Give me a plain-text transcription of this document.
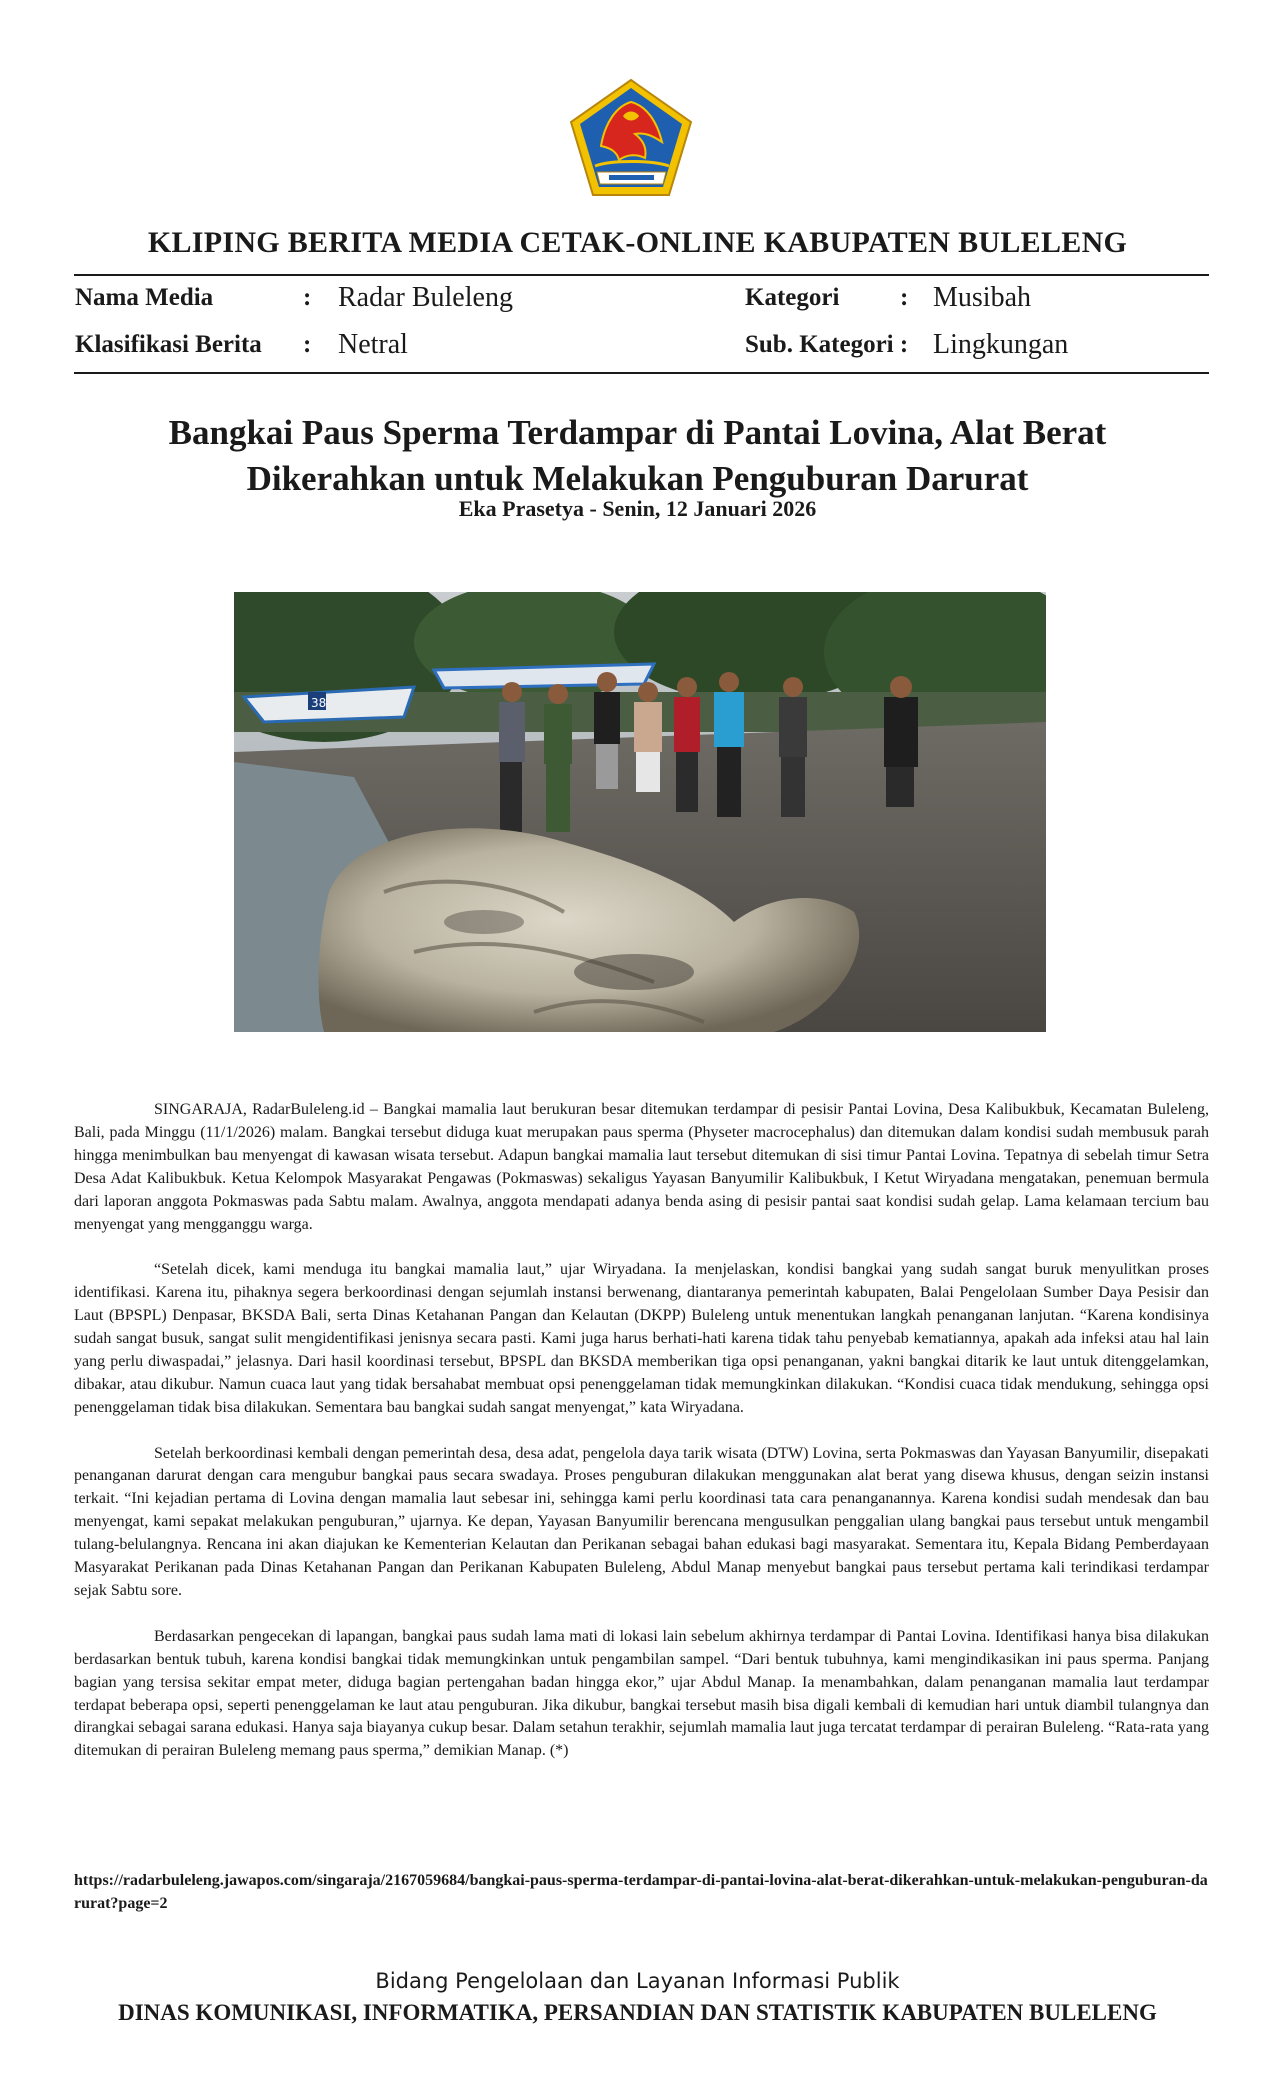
KLIPING BERITA MEDIA CETAK-ONLINE KABUPATEN BULELENG
Nama Media	: Radar Buleleng
Klasifikasi Berita : Netral
Kategori : Musibah
Sub. Kategori : Lingkungan
Bangkai Paus Sperma Terdampar di Pantai Lovina, Alat Berat
Dikerahkan untuk Melakukan Penguburan Darurat
Eka Prasetya - Senin, 12 Januari 2026
38

SINGARAJA, RadarBuleleng.id – Bangkai mamalia laut berukuran besar ditemukan terdampar di pesisir Pantai Lovina, Desa Kalibukbuk, Kecamatan Buleleng, Bali, pada Minggu (11/1/2026) malam. Bangkai tersebut diduga kuat merupakan paus sperma (Physeter macrocephalus) dan ditemukan dalam kondisi sudah membusuk parah hingga menimbulkan bau menyengat di kawasan wisata tersebut. Adapun bangkai mamalia laut tersebut ditemukan di sisi timur Pantai Lovina. Tepatnya di sebelah timur Setra Desa Adat Kalibukbuk. Ketua Kelompok Masyarakat Pengawas (Pokmaswas) sekaligus Yayasan Banyumilir Kalibukbuk, I Ketut Wiryadana mengatakan, penemuan bermula dari laporan anggota Pokmaswas pada Sabtu malam. Awalnya, anggota mendapati adanya benda asing di pesisir pantai saat kondisi sudah gelap. Lama kelamaan tercium bau menyengat yang mengganggu warga.

“Setelah dicek, kami menduga itu bangkai mamalia laut,” ujar Wiryadana. Ia menjelaskan, kondisi bangkai yang sudah sangat buruk menyulitkan proses identifikasi. Karena itu, pihaknya segera berkoordinasi dengan sejumlah instansi berwenang, diantaranya pemerintah kabupaten, Balai Pengelolaan Sumber Daya Pesisir dan Laut (BPSPL) Denpasar, BKSDA Bali, serta Dinas Ketahanan Pangan dan Kelautan (DKPP) Buleleng untuk menentukan langkah penanganan lanjutan. “Karena kondisinya sudah sangat busuk, sangat sulit mengidentifikasi jenisnya secara pasti. Kami juga harus berhati-hati karena tidak tahu penyebab kematiannya, apakah ada infeksi atau hal lain yang perlu diwaspadai,” jelasnya. Dari hasil koordinasi tersebut, BPSPL dan BKSDA memberikan tiga opsi penanganan, yakni bangkai ditarik ke laut untuk ditenggelamkan, dibakar, atau dikubur. Namun cuaca laut yang tidak bersahabat membuat opsi penenggelaman tidak memungkinkan dilakukan. “Kondisi cuaca tidak mendukung, sehingga opsi penenggelaman tidak bisa dilakukan. Sementara bau bangkai sudah sangat menyengat,” kata Wiryadana.

Setelah berkoordinasi kembali dengan pemerintah desa, desa adat, pengelola daya tarik wisata (DTW) Lovina, serta Pokmaswas dan Yayasan Banyumilir, disepakati penanganan darurat dengan cara mengubur bangkai paus secara swadaya. Proses penguburan dilakukan menggunakan alat berat yang disewa khusus, dengan seizin instansi terkait. “Ini kejadian pertama di Lovina dengan mamalia laut sebesar ini, sehingga kami perlu koordinasi tata cara penanganannya. Karena kondisi sudah mendesak dan bau menyengat, kami sepakat melakukan penguburan,” ujarnya. Ke depan, Yayasan Banyumilir berencana mengusulkan penggalian ulang bangkai paus tersebut untuk mengambil tulang-belulangnya. Rencana ini akan diajukan ke Kementerian Kelautan dan Perikanan sebagai bahan edukasi bagi masyarakat. Sementara itu, Kepala Bidang Pemberdayaan Masyarakat Perikanan pada Dinas Ketahanan Pangan dan Perikanan Kabupaten Buleleng, Abdul Manap menyebut bangkai paus tersebut pertama kali terindikasi terdampar sejak Sabtu sore.

Berdasarkan pengecekan di lapangan, bangkai paus sudah lama mati di lokasi lain sebelum akhirnya terdampar di Pantai Lovina. Identifikasi hanya bisa dilakukan berdasarkan bentuk tubuh, karena kondisi bangkai tidak memungkinkan untuk pengambilan sampel. “Dari bentuk tubuhnya, kami mengindikasikan ini paus sperma. Panjang bagian yang tersisa sekitar empat meter, diduga bagian pertengahan badan hingga ekor,” ujar Abdul Manap. Ia menambahkan, dalam penanganan mamalia laut terdampar terdapat beberapa opsi, seperti penenggelaman ke laut atau penguburan. Jika dikubur, bangkai tersebut masih bisa digali kembali di kemudian hari untuk diambil tulangnya dan dirangkai sebagai sarana edukasi. Hanya saja biayanya cukup besar. Dalam setahun terakhir, sejumlah mamalia laut juga tercatat terdampar di perairan Buleleng. “Rata-rata yang ditemukan di perairan Buleleng memang paus sperma,” demikian Manap. (*)

https://radarbuleleng.jawapos.com/singaraja/2167059684/bangkai-paus-sperma-terdampar-di-pantai-lovina-alat-berat-dikerahkan-untuk-melakukan-penguburan-darurat?page=2
Bidang Pengelolaan dan Layanan Informasi Publik
DINAS KOMUNIKASI, INFORMATIKA, PERSANDIAN DAN STATISTIK KABUPATEN BULELENG
